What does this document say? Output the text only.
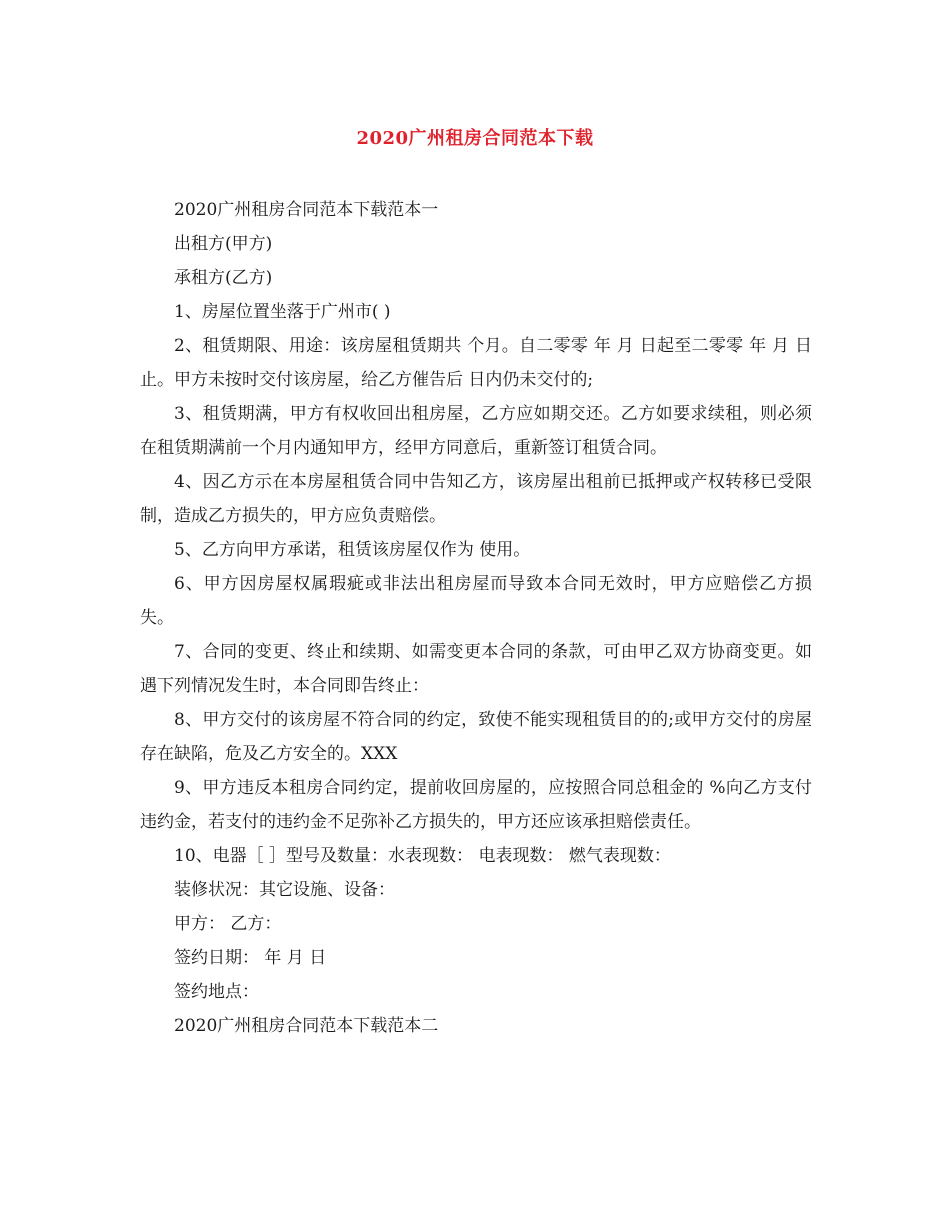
2020广州租房合同范本下载

2020广州租房合同范本下载范本一

出租方(甲方)

承租方(乙方)

1、房屋位置坐落于广州市( )

2、租赁期限、用途：该房屋租赁期共 个月。自二零零 年 月 日起至二零零 年 月 日止。甲方未按时交付该房屋，给乙方催告后 日内仍未交付的;

3、租赁期满，甲方有权收回出租房屋，乙方应如期交还。乙方如要求续租，则必须在租赁期满前一个月内通知甲方，经甲方同意后，重新签订租赁合同。

4、因乙方示在本房屋租赁合同中告知乙方，该房屋出租前已抵押或产权转移已受限制，造成乙方损失的，甲方应负责赔偿。

5、乙方向甲方承诺，租赁该房屋仅作为 使用。

6、甲方因房屋权属瑕疵或非法出租房屋而导致本合同无效时，甲方应赔偿乙方损失。

7、合同的变更、终止和续期、如需变更本合同的条款，可由甲乙双方协商变更。如遇下列情况发生时，本合同即告终止：

8、甲方交付的该房屋不符合同的约定，致使不能实现租赁目的的;或甲方交付的房屋存在缺陷，危及乙方安全的。XXX

9、甲方违反本租房合同约定，提前收回房屋的，应按照合同总租金的 %向乙方支付违约金，若支付的违约金不足弥补乙方损失的，甲方还应该承担赔偿责任。

10、电器［ ］型号及数量：水表现数： 电表现数： 燃气表现数：

装修状况：其它设施、设备：

甲方： 乙方：

签约日期： 年 月 日

签约地点：

2020广州租房合同范本下载范本二
